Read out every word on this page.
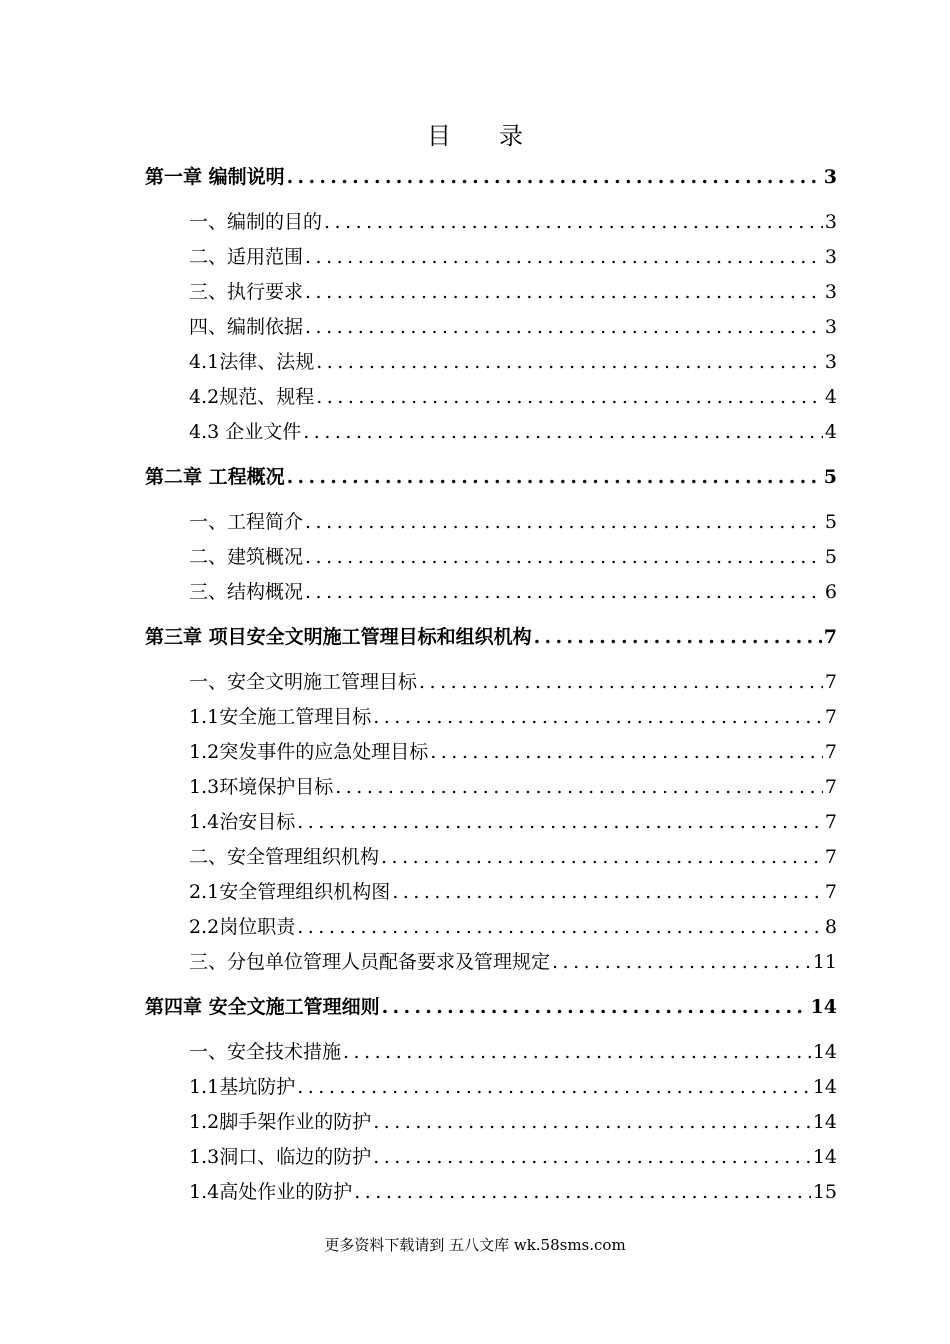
目　　录
第一章 编制说明 .....	3
一、编制的目的 .....	3
二、适用范围 .....	3
三、执行要求 .....	3
四、编制依据 .....	3
4.1法律、法规 .....	3
4.2规范、规程 .....	4
4.3 企业文件 .....	4
第二章 工程概况 .....	5
一、工程简介 .....	5
二、建筑概况 .....	5
三、结构概况 .....	6
第三章 项目安全文明施工管理目标和组织机构 .....	7
一、安全文明施工管理目标 .....	7
1.1安全施工管理目标 .....	7
1.2突发事件的应急处理目标 .....	7
1.3环境保护目标 .....	7
1.4治安目标 .....	7
二、安全管理组织机构 .....	7
2.1安全管理组织机构图 .....	7
2.2岗位职责 .....	8
三、分包单位管理人员配备要求及管理规定 .....	11
第四章 安全文施工管理细则 .....	14
一、安全技术措施 .....	14
1.1基坑防护 .....	14
1.2脚手架作业的防护 .....	14
1.3洞口、临边的防护 .....	14
1.4高处作业的防护 .....	15
更多资料下载请到 五八文库 wk.58sms.com
